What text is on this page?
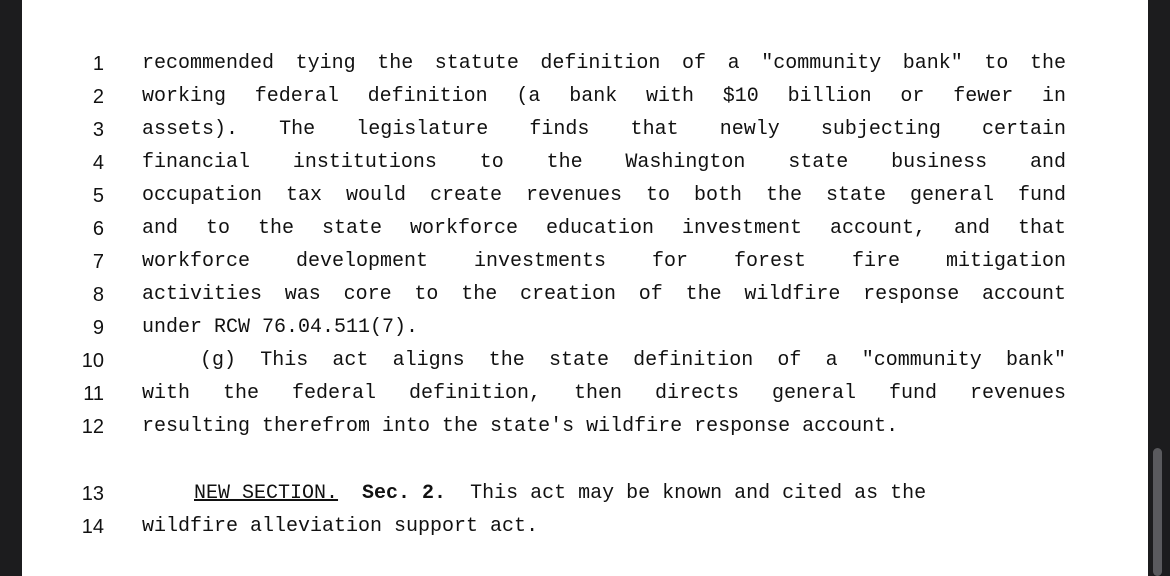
1 recommended tying the statute definition of a "community bank" to the
2 working federal definition (a bank with $10 billion or fewer in
3 assets). The legislature finds that newly subjecting certain
4 financial institutions to the Washington state business and
5 occupation tax would create revenues to both the state general fund
6 and to the state workforce education investment account, and that
7 workforce development investments for forest fire mitigation
8 activities was core to the creation of the wildfire response account
9 under RCW 76.04.511(7).
10	(g) This act aligns the state definition of a "community bank"
11 with the federal definition, then directs general fund revenues
12 resulting therefrom into the state's wildfire response account.
13	NEW SECTION. Sec. 2. This act may be known and cited as the
14 wildfire alleviation support act.
